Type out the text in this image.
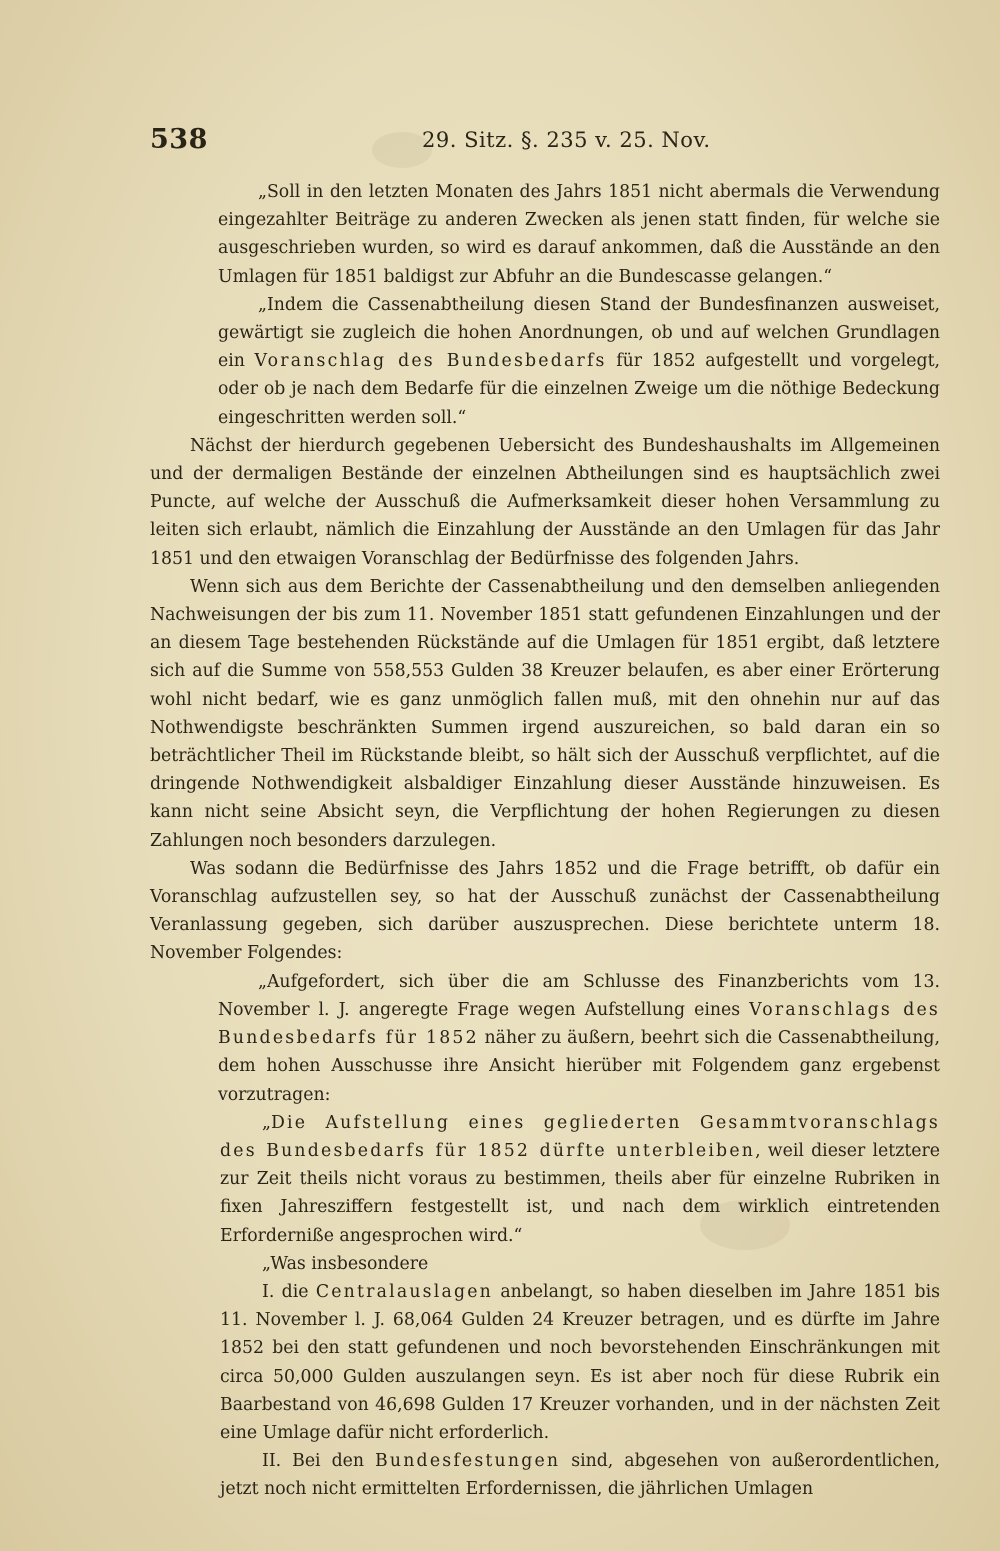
538	29. Sitz. §. 235 v. 25. Nov.

„Soll in den letzten Monaten des Jahrs 1851 nicht abermals die Verwendung eingezahlter Beiträge zu anderen Zwecken als jenen statt finden, für welche sie ausgeschrieben wurden, so wird es darauf ankommen, daß die Ausstände an den Umlagen für 1851 baldigst zur Abfuhr an die Bundescasse gelangen.“

„Indem die Cassenabtheilung diesen Stand der Bundesfinanzen ausweiset, gewärtigt sie zugleich die hohen Anordnungen, ob und auf welchen Grundlagen ein Voranschlag des Bundesbedarfs für 1852 aufgestellt und vorgelegt, oder ob je nach dem Bedarfe für die einzelnen Zweige um die nöthige Bedeckung eingeschritten werden soll.“

Nächst der hierdurch gegebenen Uebersicht des Bundeshaushalts im Allgemeinen und der dermaligen Bestände der einzelnen Abtheilungen sind es hauptsächlich zwei Puncte, auf welche der Ausschuß die Aufmerksamkeit dieser hohen Versammlung zu leiten sich erlaubt, nämlich die Einzahlung der Ausstände an den Umlagen für das Jahr 1851 und den etwaigen Voranschlag der Bedürfnisse des folgenden Jahrs.

Wenn sich aus dem Berichte der Cassenabtheilung und den demselben anliegenden Nachweisungen der bis zum 11. November 1851 statt gefundenen Einzahlungen und der an diesem Tage bestehenden Rückstände auf die Umlagen für 1851 ergibt, daß letztere sich auf die Summe von 558,553 Gulden 38 Kreuzer belaufen, es aber einer Erörterung wohl nicht bedarf, wie es ganz unmöglich fallen muß, mit den ohnehin nur auf das Nothwendigste beschränkten Summen irgend auszureichen, so bald daran ein so beträchtlicher Theil im Rückstande bleibt, so hält sich der Ausschuß verpflichtet, auf die dringende Nothwendigkeit alsbaldiger Einzahlung dieser Ausstände hinzuweisen. Es kann nicht seine Absicht seyn, die Verpflichtung der hohen Regierungen zu diesen Zahlungen noch besonders darzulegen.

Was sodann die Bedürfnisse des Jahrs 1852 und die Frage betrifft, ob dafür ein Voranschlag aufzustellen sey, so hat der Ausschuß zunächst der Cassenabtheilung Veranlassung gegeben, sich darüber auszusprechen. Diese berichtete unterm 18. November Folgendes:

„Aufgefordert, sich über die am Schlusse des Finanzberichts vom 13. November l. J. angeregte Frage wegen Aufstellung eines Voranschlags des Bundesbedarfs für 1852 näher zu äußern, beehrt sich die Cassenabtheilung, dem hohen Ausschusse ihre Ansicht hierüber mit Folgendem ganz ergebenst vorzutragen:

„Die Aufstellung eines gegliederten Gesammtvoranschlags des Bundesbedarfs für 1852 dürfte unterbleiben, weil dieser letztere zur Zeit theils nicht voraus zu bestimmen, theils aber für einzelne Rubriken in fixen Jahresziffern festgestellt ist, und nach dem wirklich eintretenden Erforderniße angesprochen wird.“

„Was insbesondere

I. die Centralauslagen anbelangt, so haben dieselben im Jahre 1851 bis 11. November l. J. 68,064 Gulden 24 Kreuzer betragen, und es dürfte im Jahre 1852 bei den statt gefundenen und noch bevorstehenden Einschränkungen mit circa 50,000 Gulden auszulangen seyn. Es ist aber noch für diese Rubrik ein Baarbestand von 46,698 Gulden 17 Kreuzer vorhanden, und in der nächsten Zeit eine Umlage dafür nicht erforderlich.

II. Bei den Bundesfestungen sind, abgesehen von außerordentlichen, jetzt noch nicht ermittelten Erfordernissen, die jährlichen Umlagen
